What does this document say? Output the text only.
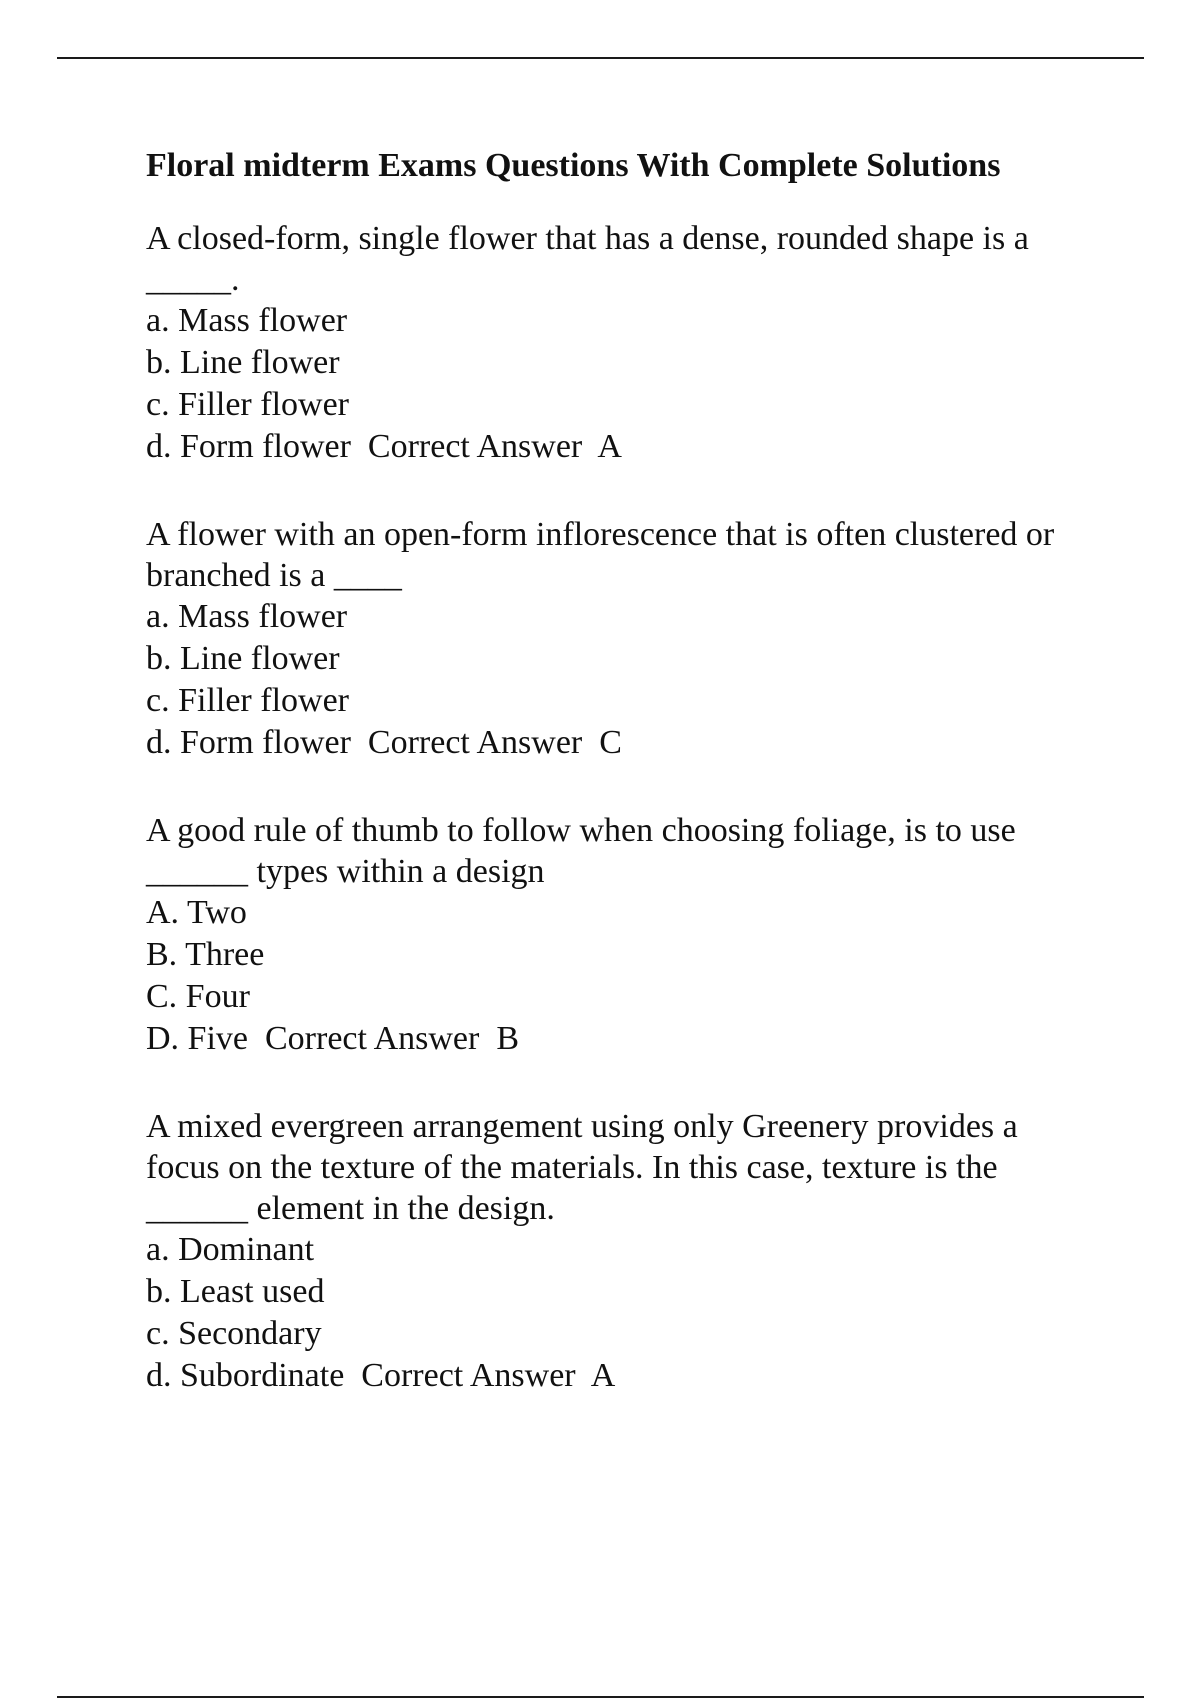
Floral midterm Exams Questions With Complete Solutions

A closed-form, single flower that has a dense, rounded shape is a _____.

a. Mass flower
b. Line flower
c. Filler flower
d. Form flower  Correct Answer  A

A flower with an open-form inflorescence that is often clustered or branched is a ____

a. Mass flower
b. Line flower
c. Filler flower
d. Form flower  Correct Answer  C

A good rule of thumb to follow when choosing foliage, is to use ______ types within a design

A. Two
B. Three
C. Four
D. Five  Correct Answer  B

A mixed evergreen arrangement using only Greenery provides a focus on the texture of the materials. In this case, texture is the ______ element in the design.

a. Dominant
b. Least used
c. Secondary
d. Subordinate  Correct Answer  A
